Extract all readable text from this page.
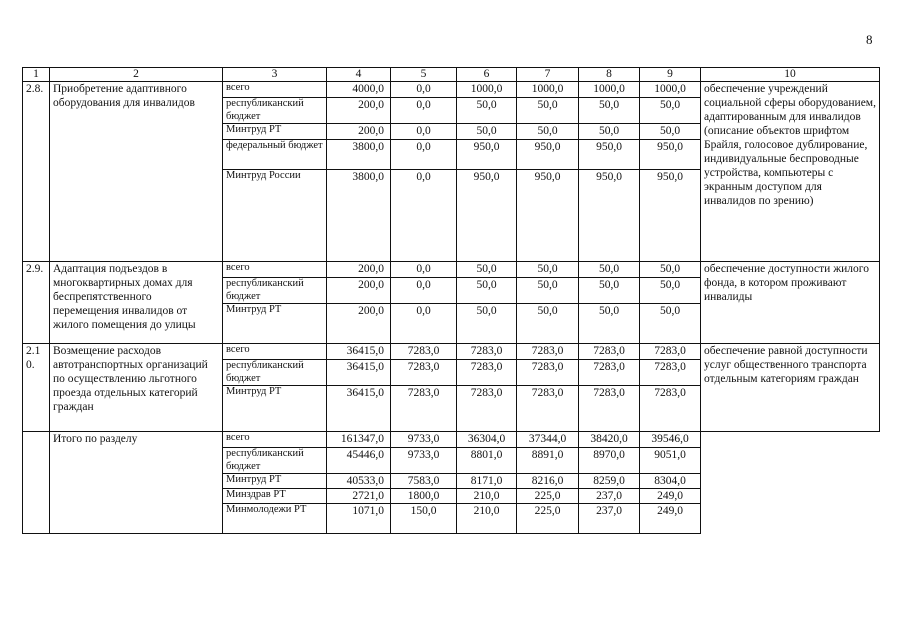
8
1	2	3	4	5	6	7	8	9	10
2.8.	Приобретение адаптивного оборудования для инвалидов	всего	4000,0	0,0	1000,0	1000,0	1000,0	1000,0	обеспечение учреждений социальной сферы оборудованием, адаптированным для инвалидов (описание объектов шрифтом Брайля, голосовое дублирование, индивидуальные беспроводные устройства, компьютеры с экранным доступом для инвалидов по зрению)
		республиканский бюджет	200,0	0,0	50,0	50,0	50,0	50,0	
		Минтруд РТ	200,0	0,0	50,0	50,0	50,0	50,0	
		федеральный бюджет	3800,0	0,0	950,0	950,0	950,0	950,0	
		Минтруд России	3800,0	0,0	950,0	950,0	950,0	950,0	
2.9.	Адаптация подъездов в многоквартирных домах для беспрепятственного перемещения инвалидов от жилого помещения до улицы	всего	200,0	0,0	50,0	50,0	50,0	50,0	обеспечение доступности жилого фонда, в котором проживают инвалиды
		республиканский бюджет	200,0	0,0	50,0	50,0	50,0	50,0	
		Минтруд РТ	200,0	0,0	50,0	50,0	50,0	50,0	
2.1 0.	Возмещение расходов автотранспортных организаций по осуществлению льготного проезда отдельных категорий граждан	всего	36415,0	7283,0	7283,0	7283,0	7283,0	7283,0	обеспечение равной доступности услуг общественного транспорта отдельным категориям граждан
		республиканский бюджет	36415,0	7283,0	7283,0	7283,0	7283,0	7283,0	
		Минтруд РТ	36415,0	7283,0	7283,0	7283,0	7283,0	7283,0	
	Итого по разделу	всего	161347,0	9733,0	36304,0	37344,0	38420,0	39546,0	
		республиканский бюджет	45446,0	9733,0	8801,0	8891,0	8970,0	9051,0	
		Минтруд РТ	40533,0	7583,0	8171,0	8216,0	8259,0	8304,0	
		Минздрав РТ	2721,0	1800,0	210,0	225,0	237,0	249,0	
		Минмолодежи РТ	1071,0	150,0	210,0	225,0	237,0	249,0	
